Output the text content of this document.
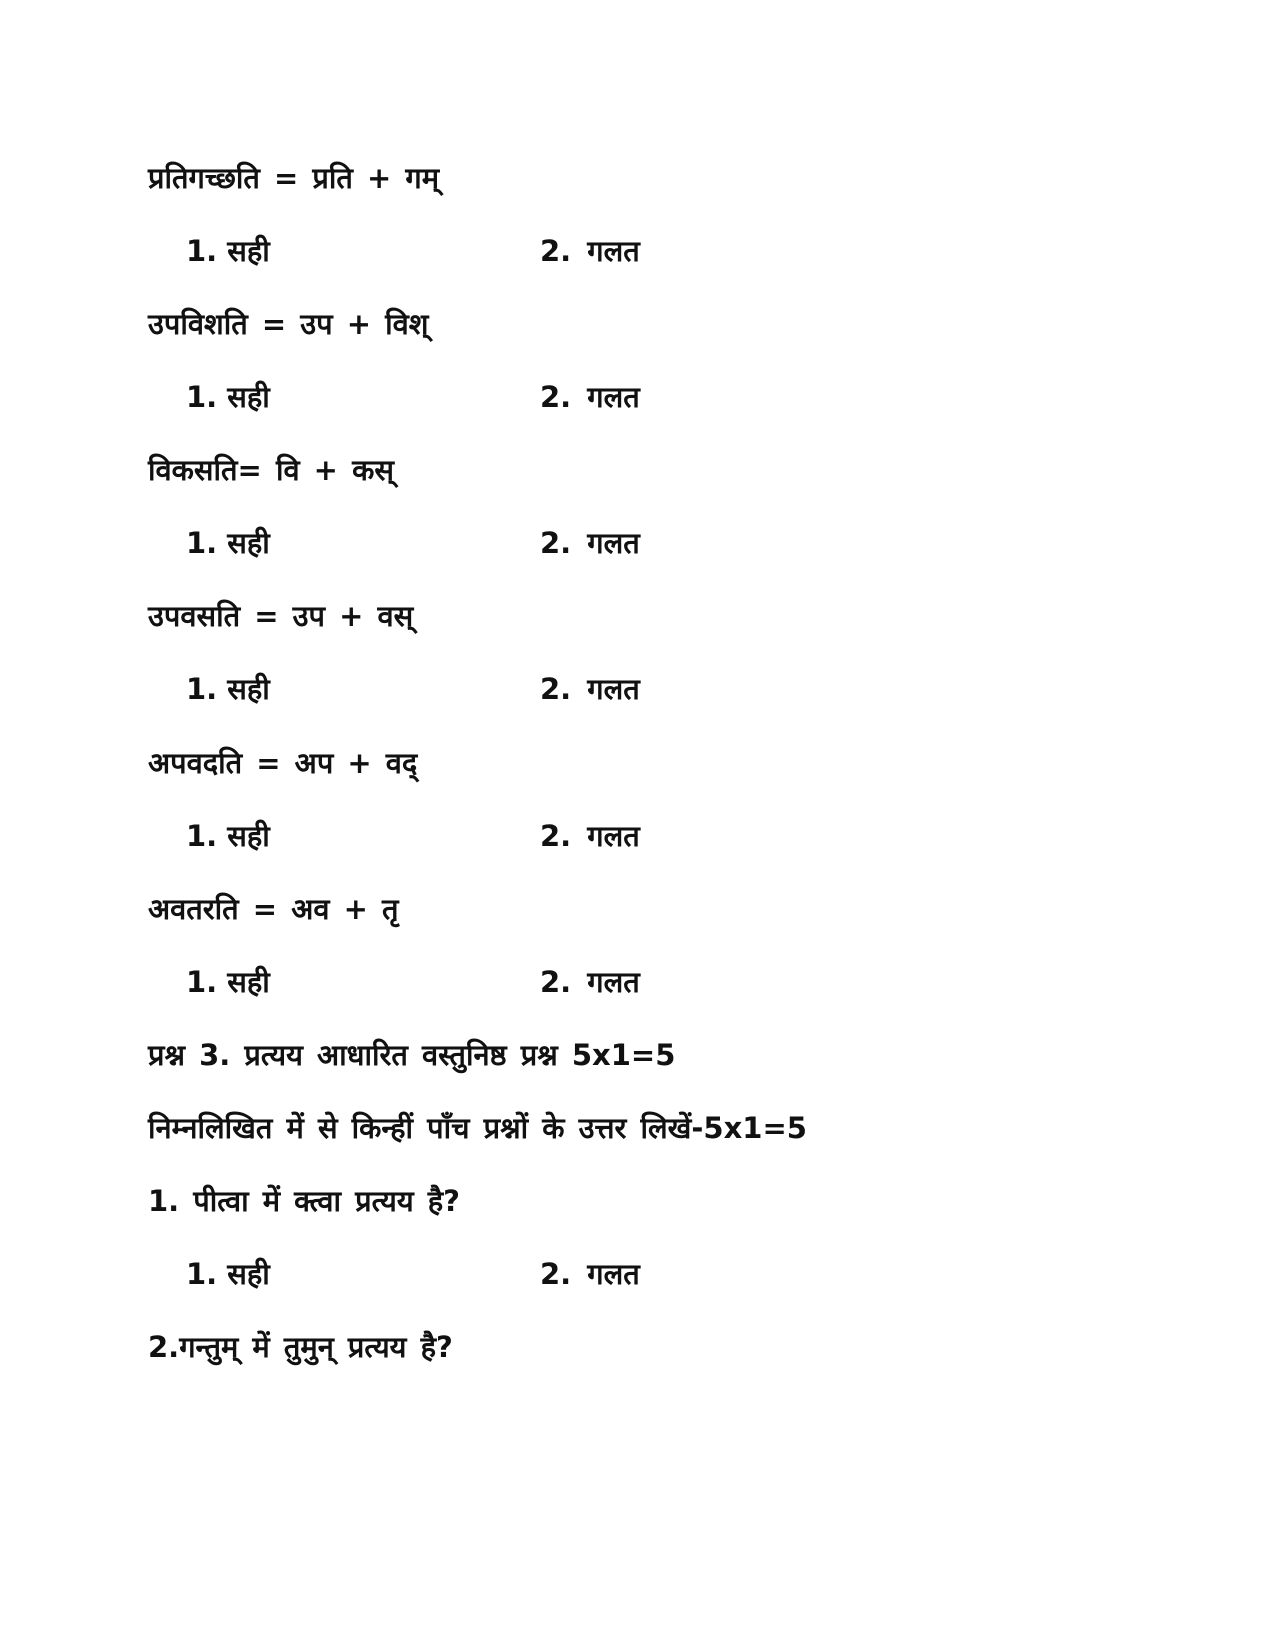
प्रतिगच्छति = प्रति + गम्
1. सही	2. गलत
उपविशति = उप + विश्
1. सही	2. गलत
विकसति= वि + कस्
1. सही	2. गलत
उपवसति = उप + वस्
1. सही	2. गलत
अपवदति = अप + वद्
1. सही	2. गलत
अवतरति = अव + तृ
1. सही	2. गलत
प्रश्न 3. प्रत्यय आधारित वस्तुनिष्ठ प्रश्न 5x1=5
निम्नलिखित में से किन्हीं पाँच प्रश्नों के उत्तर लिखें-5x1=5
1. पीत्वा में क्त्वा प्रत्यय है?
1. सही	2. गलत
2.गन्तुम् में तुमुन् प्रत्यय है?
